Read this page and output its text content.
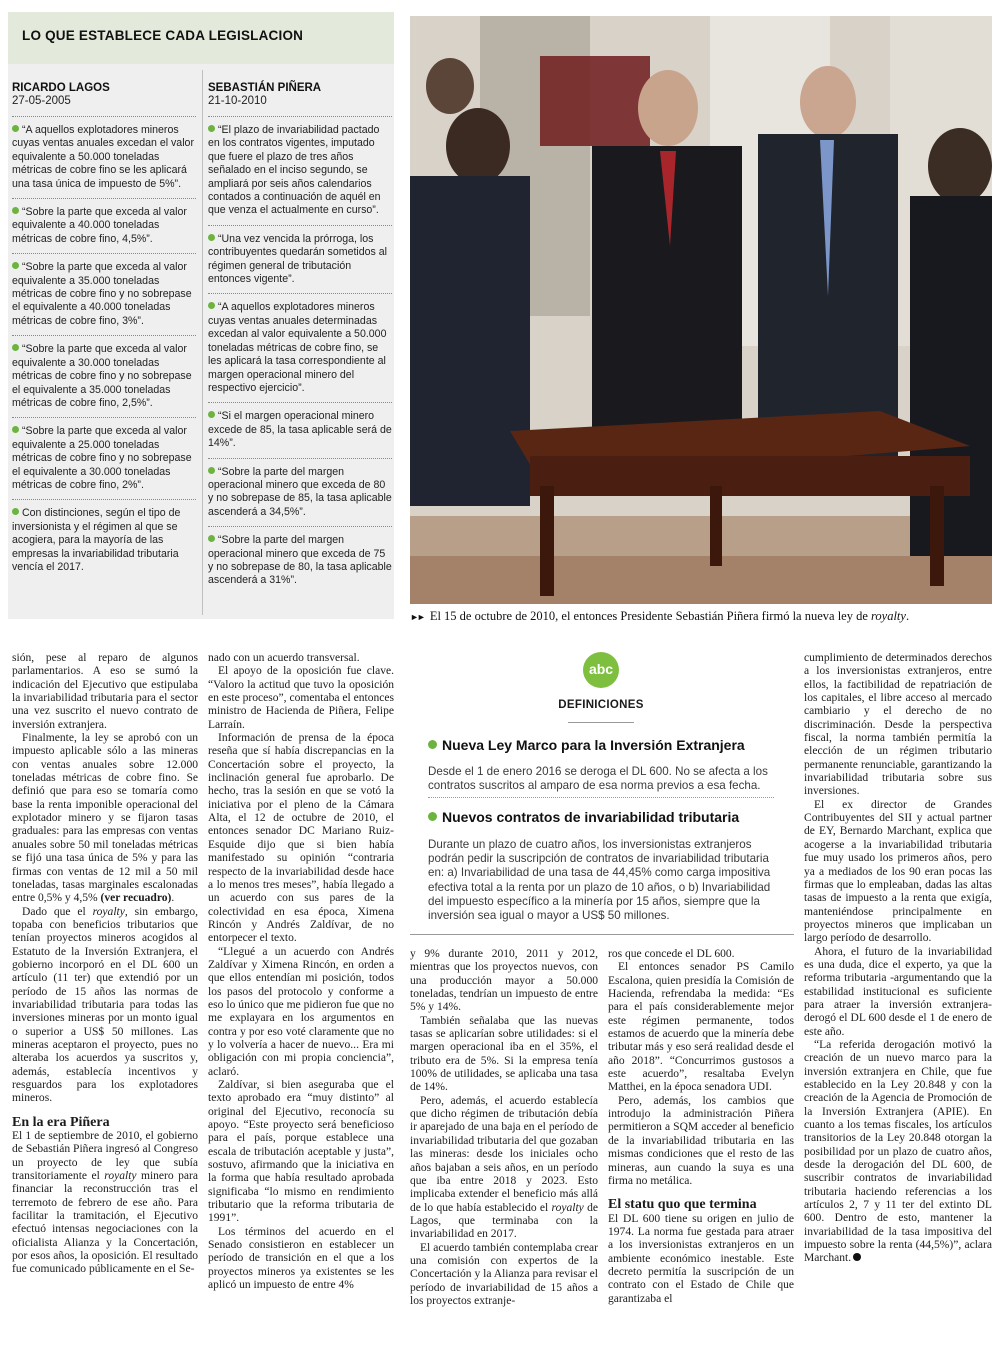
LO QUE ESTABLECE CADA LEGISLACION
RICARDO LAGOS
27-05-2005
“A aquellos explotadores mineros cuyas ventas anuales excedan el valor equivalente a 50.000 toneladas métricas de cobre fino se les aplicará una tasa única de impuesto de 5%”.
“Sobre la parte que exceda al valor equivalente a 40.000 toneladas métricas de cobre fino, 4,5%”.
“Sobre la parte que exceda al valor equivalente a 35.000 toneladas métricas de cobre fino y no sobrepase el equivalente a 40.000 toneladas métricas de cobre fino, 3%”.
“Sobre la parte que exceda al valor equivalente a 30.000 toneladas métricas de cobre fino y no sobrepase el equivalente a 35.000 toneladas métricas de cobre fino, 2,5%”.
“Sobre la parte que exceda al valor equivalente a 25.000 toneladas métricas de cobre fino y no sobrepase el equivalente a 30.000 toneladas métricas de cobre fino, 2%”.
Con distinciones, según el tipo de inversionista y el régimen al que se acogiera, para la mayoría de las empresas la invariabilidad tributaria vencía el 2017.
SEBASTIÁN PIÑERA
21-10-2010
“El plazo de invariabilidad pactado en los contratos vigentes, imputado que fuere el plazo de tres años señalado en el inciso segundo, se ampliará por seis años calendarios contados a continuación de aquél en que venza el actualmente en curso”.
“Una vez vencida la prórroga, los contribuyentes quedarán sometidos al régimen general de tributación entonces vigente”.
“A aquellos explotadores mineros cuyas ventas anuales determinadas excedan al valor equivalente a 50.000 toneladas métricas de cobre fino, se les aplicará la tasa correspondiente al margen operacional minero del respectivo ejercicio”.
“Si el margen operacional minero excede de 85, la tasa aplicable será de 14%”.
“Sobre la parte del margen operacional minero que exceda de 80 y no sobrepase de 85, la tasa aplicable ascenderá a 34,5%”.
“Sobre la parte del margen operacional minero que exceda de 75 y no sobrepase de 80, la tasa aplicable ascenderá a 31%”.
►► El 15 de octubre de 2010, el entonces Presidente Sebastián Piñera firmó la nueva ley de royalty.
abc
DEFINICIONES
Nueva Ley Marco para la Inversión Extranjera
Desde el 1 de enero 2016 se deroga el DL 600. No se afecta a los contratos suscritos al amparo de esa norma previos a esa fecha.
Nuevos contratos de invariabilidad tributaria
Durante un plazo de cuatro años, los inversionistas extranjeros podrán pedir la suscripción de contratos de invariabilidad tributaria en: a) Invariabilidad de una tasa de 44,45% como carga impositiva efectiva total a la renta por un plazo de 10 años, o b) Invariabilidad del impuesto específico a la minería por 15 años, siempre que la inversión sea igual o mayor a US$ 50 millones.

sión, pese al reparo de algunos parlamentarios. A eso se sumó la indicación del Ejecutivo que estipulaba la invariabilidad tributaria para el sector una vez suscrito el nuevo contrato de inversión extranjera.

Finalmente, la ley se aprobó con un impuesto aplicable sólo a las mineras con ventas anuales sobre 12.000 toneladas métricas de cobre fino. Se definió que para eso se tomaría como base la renta imponible operacional del explotador minero y se fijaron tasas graduales: para las empresas con ventas anuales sobre 50 mil toneladas métricas se fijó una tasa única de 5% y para las firmas con ventas de 12 mil a 50 mil toneladas, tasas marginales escalonadas entre 0,5% y 4,5% (ver recuadro).

Dado que el royalty, sin embargo, topaba con beneficios tributarios que tenían proyectos mineros acogidos al Estatuto de la Inversión Extranjera, el gobierno incorporó en el DL 600 un artículo (11 ter) que extendió por un período de 15 años las normas de invariabilidad tributaria para todas las inversiones mineras por un monto igual o superior a US$ 50 millones. Las mineras aceptaron el proyecto, pues no alteraba los acuerdos ya suscritos y, además, establecía incentivos y resguardos para los explotadores mineros.

En la era Piñera

El 1 de septiembre de 2010, el gobierno de Sebastián Piñera ingresó al Congreso un proyecto de ley que subía transitoriamente el royalty minero para financiar la reconstrucción tras el terremoto de febrero de ese año. Para facilitar la tramitación, el Ejecutivo efectuó intensas negociaciones con la oficialista Alianza y la Concertación, por esos años, la oposición. El resultado fue comunicado públicamente en el Se-

nado con un acuerdo transversal.

El apoyo de la oposición fue clave. “Valoro la actitud que tuvo la oposición en este proceso”, comentaba el entonces ministro de Hacienda de Piñera, Felipe Larraín.

Información de prensa de la época reseña que sí había discrepancias en la Concertación sobre el proyecto, la inclinación general fue aprobarlo. De hecho, tras la sesión en que se votó la iniciativa por el pleno de la Cámara Alta, el 12 de octubre de 2010, el entonces senador DC Mariano Ruiz-Esquide dijo que si bien había manifestado su opinión “contraria respecto de la invariabilidad desde hace a lo menos tres meses”, había llegado a un acuerdo con sus pares de la colectividad en esa época, Ximena Rincón y Andrés Zaldívar, de no entorpecer el texto.

“Llegué a un acuerdo con Andrés Zaldívar y Ximena Rincón, en orden a que ellos entendían mi posición, todos los pasos del protocolo y conforme a eso lo único que me pidieron fue que no me explayara en los argumentos en contra y por eso voté claramente que no y lo volvería a hacer de nuevo... Era mi obligación con mi propia conciencia”, aclaró.

Zaldívar, si bien aseguraba que el texto aprobado era “muy distinto” al original del Ejecutivo, reconocía su apoyo. “Este proyecto será beneficioso para el país, porque establece una escala de tributación aceptable y justa”, sostuvo, afirmando que la iniciativa en la forma que había resultado aprobada significaba “lo mismo en rendimiento tributario que la reforma tributaria de 1991”.

Los términos del acuerdo en el Senado consistieron en establecer un período de transición en el que a los proyectos mineros ya existentes se les aplicó un impuesto de entre 4%

y 9% durante 2010, 2011 y 2012, mientras que los proyectos nuevos, con una producción mayor a 50.000 toneladas, tendrían un impuesto de entre 5% y 14%.

También señalaba que las nuevas tasas se aplicarían sobre utilidades: si el margen operacional iba en el 35%, el tributo era de 5%. Si la empresa tenía 100% de utilidades, se aplicaba una tasa de 14%.

Pero, además, el acuerdo establecía que dicho régimen de tributación debía ir aparejado de una baja en el período de invariabilidad tributaria del que gozaban las mineras: desde los iniciales ocho años bajaban a seis años, en un período que iba entre 2018 y 2023. Esto implicaba extender el beneficio más allá de lo que había establecido el royalty de Lagos, que terminaba con la invariabilidad en 2017.

El acuerdo también contemplaba crear una comisión con expertos de la Concertación y la Alianza para revisar el período de invariabilidad de 15 años a los proyectos extranje-

ros que concede el DL 600.

El entonces senador PS Camilo Escalona, quien presidía la Comisión de Hacienda, refrendaba la medida: “Es para el país considerablemente mejor este régimen permanente, todos estamos de acuerdo que la minería debe tributar más y eso será realidad desde el año 2018”. “Concurrimos gustosos a este acuerdo”, resaltaba Evelyn Matthei, en la época senadora UDI.

Pero, además, los cambios que introdujo la administración Piñera permitieron a SQM acceder al beneficio de la invariabilidad tributaria en las mismas condiciones que el resto de las mineras, aun cuando la suya es una firma no metálica.

El statu quo que termina

El DL 600 tiene su origen en julio de 1974. La norma fue gestada para atraer a los inversionistas extranjeros en un ambiente económico inestable. Este decreto permitía la suscripción de un contrato con el Estado de Chile que garantizaba el

cumplimiento de determinados derechos a los inversionistas extranjeros, entre ellos, la factibilidad de repatriación de los capitales, el libre acceso al mercado cambiario y el derecho de no discriminación. Desde la perspectiva fiscal, la norma también permitía la elección de un régimen tributario permanente renunciable, garantizando la invariabilidad tributaria sobre sus inversiones.

El ex director de Grandes Contribuyentes del SII y actual partner de EY, Bernardo Marchant, explica que acogerse a la invariabilidad tributaria fue muy usado los primeros años, pero ya a mediados de los 90 eran pocas las firmas que lo empleaban, dadas las altas tasas de impuesto a la renta que exigía, manteniéndose principalmente en proyectos mineros que implicaban un largo período de desarrollo.

Ahora, el futuro de la invariabilidad es una duda, dice el experto, ya que la reforma tributaria -argumentando que la estabilidad institucional es suficiente para atraer la inversión extranjera- derogó el DL 600 desde el 1 de enero de este año.

“La referida derogación motivó la creación de un nuevo marco para la inversión extranjera en Chile, que fue establecido en la Ley 20.848 y con la creación de la Agencia de Promoción de la Inversión Extranjera (APIE). En cuanto a los temas fiscales, los artículos transitorios de la Ley 20.848 otorgan la posibilidad por un plazo de cuatro años, desde la derogación del DL 600, de suscribir contratos de invariabilidad tributaria haciendo referencias a los artículos 2, 7 y 11 ter del extinto DL 600. Dentro de esto, mantener la invariabilidad de la tasa impositiva del impuesto sobre la renta (44,5%)”, aclara Marchant.
